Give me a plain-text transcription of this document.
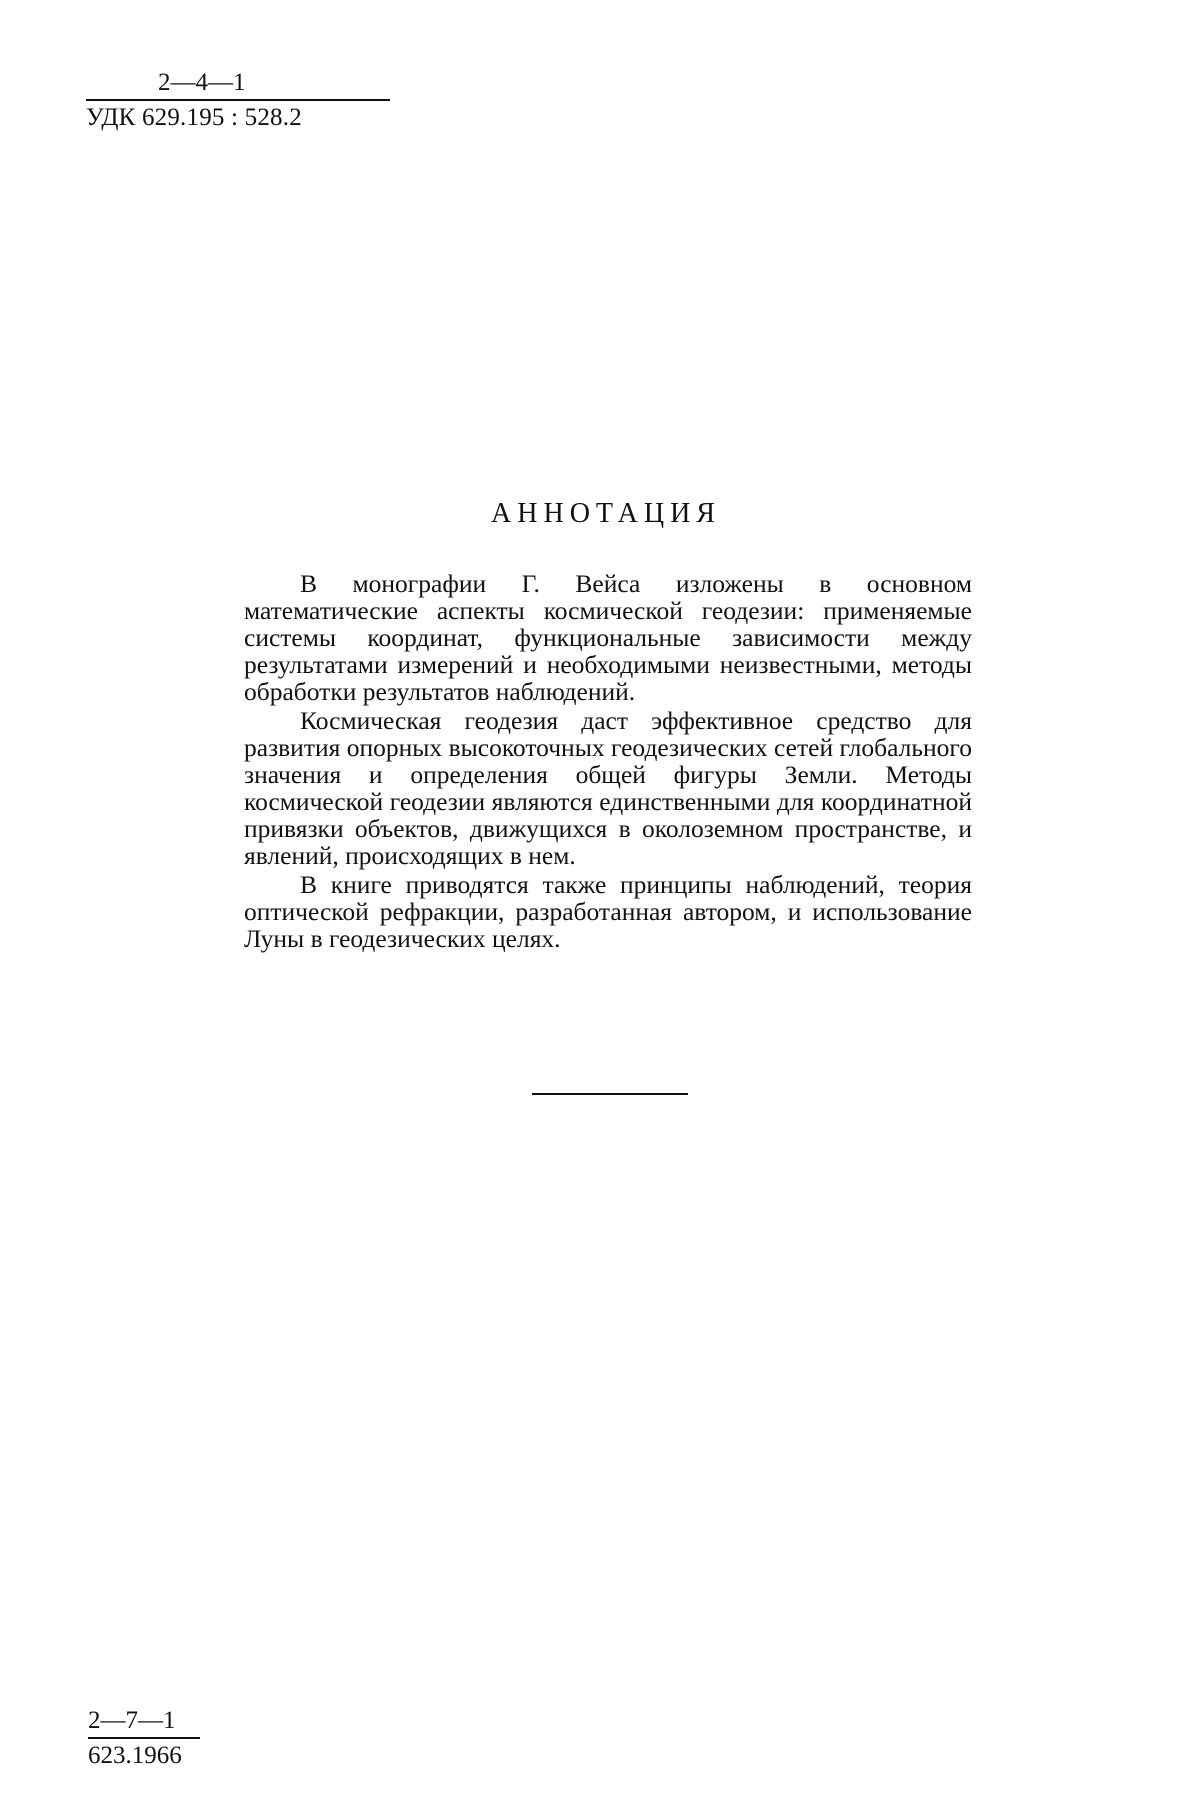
2—4—1
УДК 629.195 : 528.2
АННОТАЦИЯ

В монографии Г. Вейса изложены в основном математические аспекты космической геодезии: применяемые системы координат, функциональные зависимости между результатами измерений и необходимыми неизвестными, методы обработки результатов наблюдений.

Космическая геодезия даст эффективное средство для развития опорных высокоточных геодезических сетей глобального значения и определения общей фигуры Земли. Методы космической геодезии являются единственными для координатной привязки объектов, движущихся в околоземном пространстве, и явлений, происходящих в нем.

В книге приводятся также принципы наблюдений, теория оптической рефракции, разработанная автором, и использование Луны в геодезических целях.

2—7—1
623.1966
